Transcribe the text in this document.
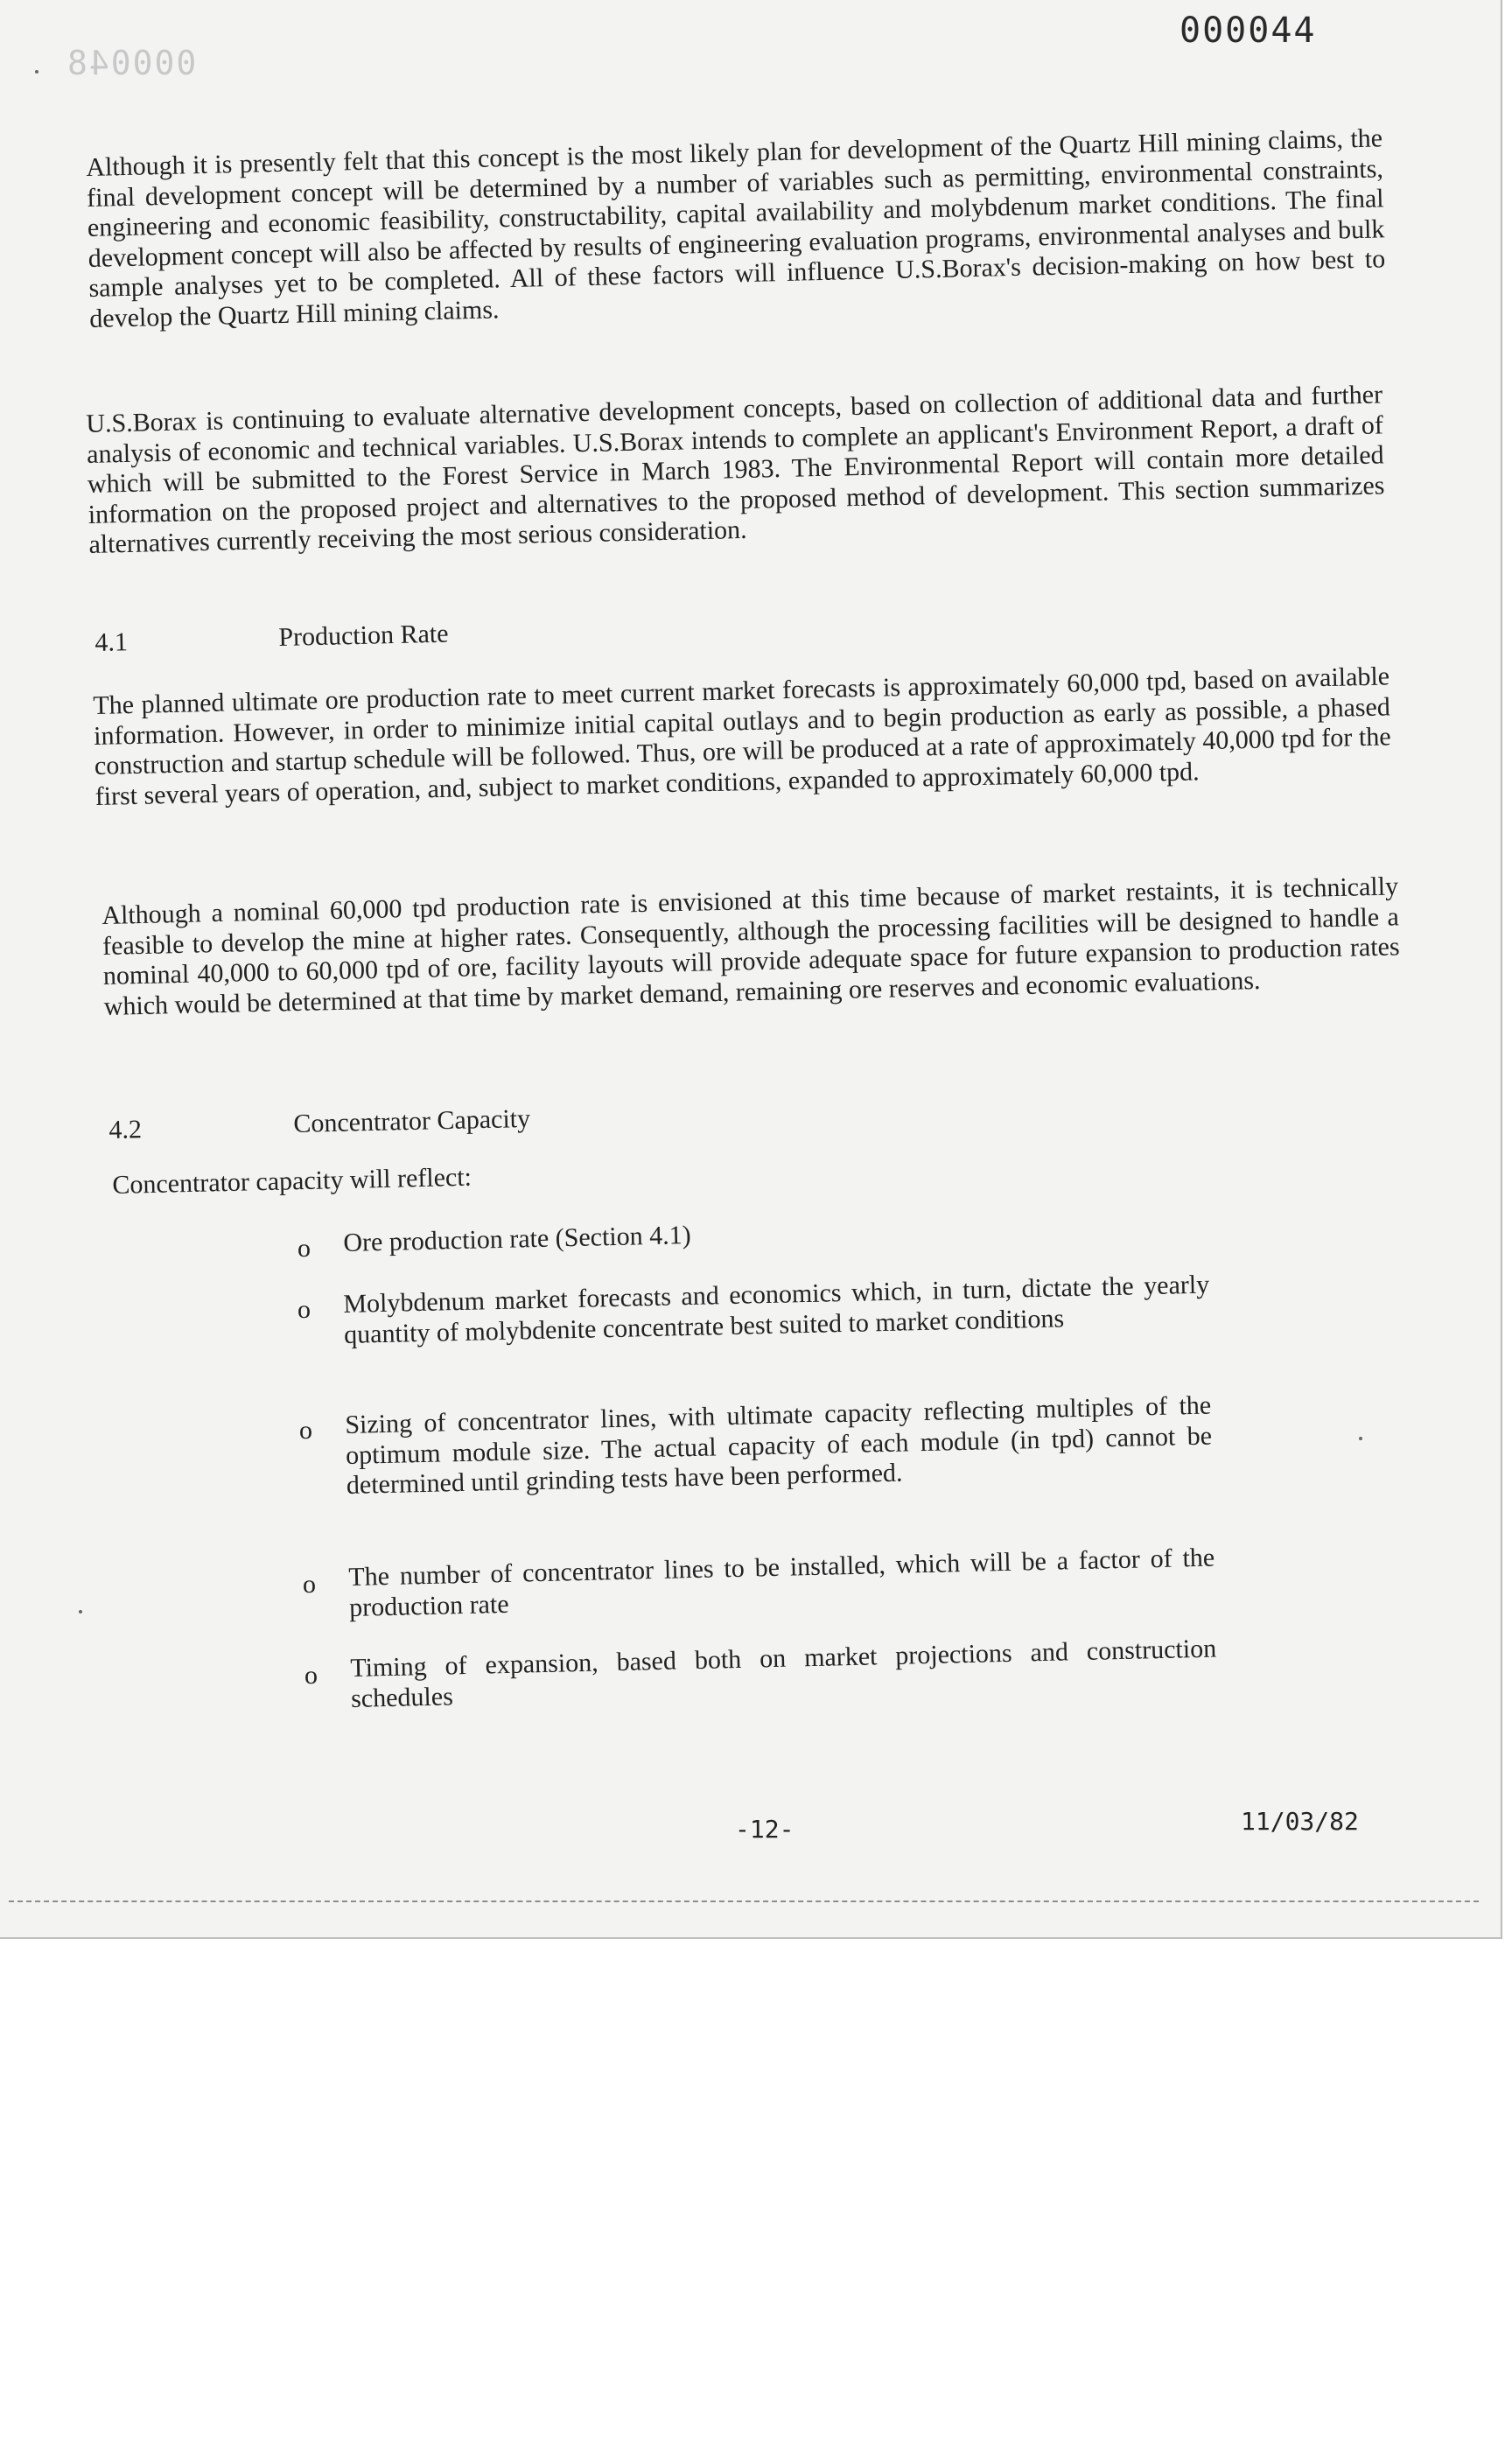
000044
000048

Although it is presently felt that this concept is the most likely plan for development of the Quartz Hill mining claims, the final development concept will be determined by a number of variables such as permitting, environmental constraints, engineering and economic feasibility, constructability, capital availability and molybdenum market conditions. The final development concept will also be affected by results of engineering evaluation programs, environmental analyses and bulk sample analyses yet to be completed. All of these factors will influence U.S.Borax's decision-making on how best to develop the Quartz Hill mining claims.

U.S.Borax is continuing to evaluate alternative development concepts, based on collection of additional data and further analysis of economic and technical variables. U.S.Borax intends to complete an applicant's Environment Report, a draft of which will be submitted to the Forest Service in March 1983. The Environmental Report will contain more detailed information on the proposed project and alternatives to the proposed method of development. This section summarizes alternatives currently receiving the most serious consideration.

4.1	Production Rate

The planned ultimate ore production rate to meet current market forecasts is approximately 60,000 tpd, based on available information. However, in order to minimize initial capital outlays and to begin production as early as possible, a phased construction and startup schedule will be followed. Thus, ore will be produced at a rate of approximately 40,000 tpd for the first several years of operation, and, subject to market conditions, expanded to approximately 60,000 tpd.

Although a nominal 60,000 tpd production rate is envisioned at this time because of market restaints, it is technically feasible to develop the mine at higher rates. Consequently, although the processing facilities will be designed to handle a nominal 40,000 to 60,000 tpd of ore, facility layouts will provide adequate space for future expansion to production rates which would be determined at that time by market demand, remaining ore reserves and economic evaluations.

4.2	Concentrator Capacity
Concentrator capacity will reflect:
o Ore production rate (Section 4.1)
o Molybdenum market forecasts and economics which, in turn, dictate the yearly quantity of molybdenite concentrate best suited to market conditions
o Sizing of concentrator lines, with ultimate capacity reflecting multiples of the optimum module size. The actual capacity of each module (in tpd) cannot be determined until grinding tests have been performed.
o The number of concentrator lines to be installed, which will be a factor of the production rate
o Timing of expansion, based both on market projections and construction schedules
-12-	11/03/82
